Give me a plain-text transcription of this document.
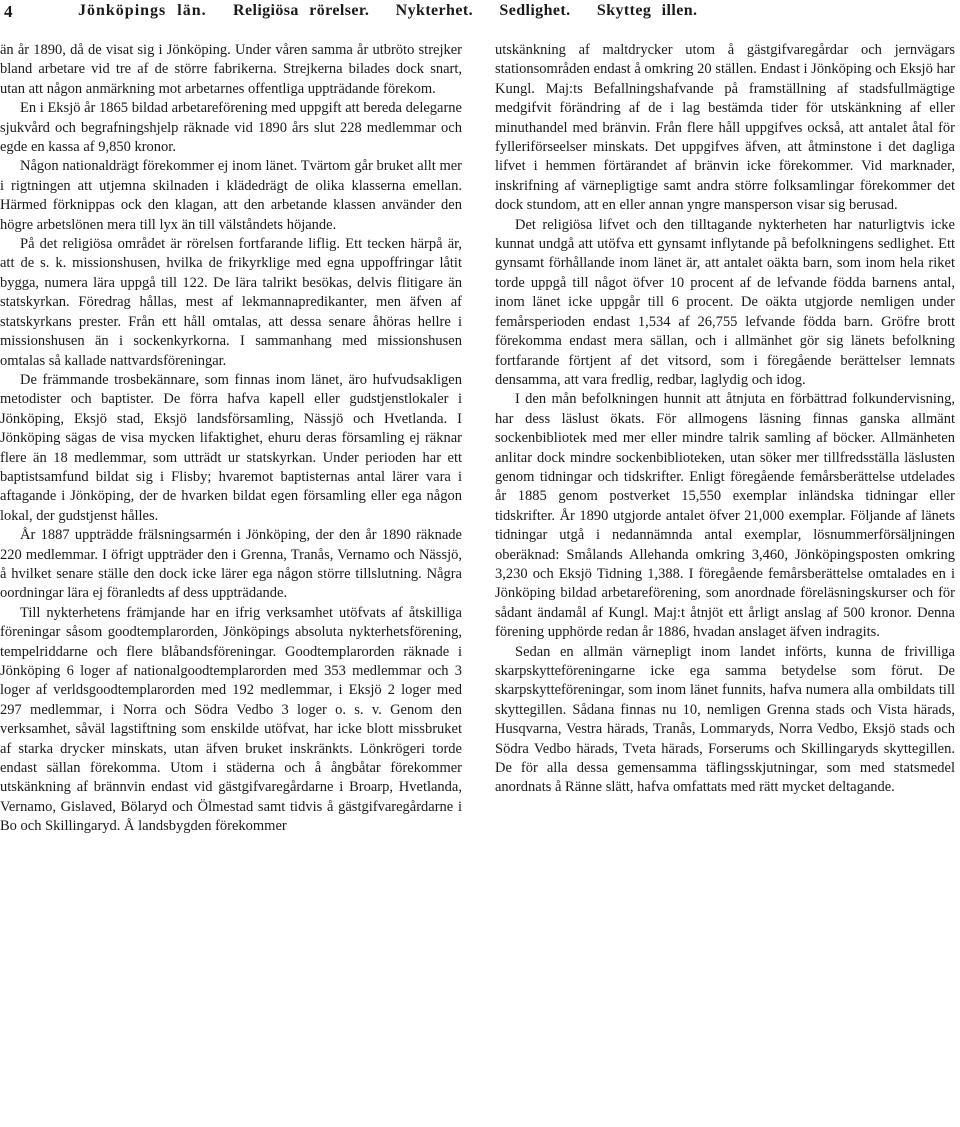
4	Jönköpings län. Religiösa rörelser. Nykterhet. Sedlighet. Skytteg illen.

än år 1890, då de visat sig i Jönköping. Under våren samma år utbröto strejker bland arbetare vid tre af de större fabrikerna. Strejkerna bilades dock snart, utan att någon anmärkning mot arbetarnes offentliga uppträdande förekom.

En i Eksjö år 1865 bildad arbetareförening med uppgift att bereda delegarne sjukvård och begrafningshjelp räknade vid 1890 års slut 228 medlemmar och egde en kassa af 9,850 kronor.

Någon nationaldrägt förekommer ej inom länet. Tvärtom går bruket allt mer i rigtningen att utjemna skilnaden i klädedrägt de olika klasserna emellan. Härmed förknippas ock den klagan, att den arbetande klassen använder den högre arbetslönen mera till lyx än till välståndets höjande.

På det religiösa området är rörelsen fortfarande liflig. Ett tecken härpå är, att de s. k. missionshusen, hvilka de frikyrklige med egna uppoffringar låtit bygga, numera lära uppgå till 122. De lära talrikt besökas, delvis flitigare än statskyrkan. Föredrag hållas, mest af lekmannapredikanter, men äfven af statskyrkans prester. Från ett håll omtalas, att dessa senare åhöras hellre i missionshusen än i sockenkyrkorna. I sammanhang med missionshusen omtalas så kallade nattvardsföreningar.

De främmande trosbekännare, som finnas inom länet, äro hufvudsakligen metodister och baptister. De förra hafva kapell eller gudstjenstlokaler i Jönköping, Eksjö stad, Eksjö landsförsamling, Nässjö och Hvetlanda. I Jönköping sägas de visa mycken lifaktighet, ehuru deras församling ej räknar flere än 18 medlemmar, som utträdt ur statskyrkan. Under perioden har ett baptistsamfund bildat sig i Flisby; hvaremot baptisternas antal lärer vara i aftagande i Jönköping, der de hvarken bildat egen församling eller ega någon lokal, der gudstjenst hålles.

År 1887 uppträdde frälsningsarmén i Jönköping, der den år 1890 räknade 220 medlemmar. I öfrigt uppträder den i Grenna, Tranås, Vernamo och Nässjö, å hvilket senare ställe den dock icke lärer ega någon större tillslutning. Några oordningar lära ej föranledts af dess uppträdande.

Till nykterhetens främjande har en ifrig verksamhet utöfvats af åtskilliga föreningar såsom goodtemplarorden, Jönköpings absoluta nykterhetsförening, tempelriddarne och flere blåbandsföreningar. Goodtemplarorden räknade i Jönköping 6 loger af nationalgoodtemplarorden med 353 medlemmar och 3 loger af verldsgoodtemplarorden med 192 medlemmar, i Eksjö 2 loger med 297 medlemmar, i Norra och Södra Vedbo 3 loger o. s. v. Genom den verksamhet, såväl lagstiftning som enskilde utöfvat, har icke blott missbruket af starka drycker minskats, utan äfven bruket inskränkts. Lönkrögeri torde endast sällan förekomma. Utom i städerna och å ångbåtar förekommer utskänkning af brännvin endast vid gästgifvaregårdarne i Broarp, Hvetlanda, Vernamo, Gislaved, Bölaryd och Ölmestad samt tidvis å gästgifvaregårdarne i Bo och Skillingaryd. Å landsbygden förekommer

utskänkning af maltdrycker utom å gästgifvaregårdar och jernvägars stationsområden endast å omkring 20 ställen. Endast i Jönköping och Eksjö har Kungl. Maj:ts Befallningshafvande på framställning af stadsfullmägtige medgifvit förändring af de i lag bestämda tider för utskänkning af eller minuthandel med bränvin. Från flere håll uppgifves också, att antalet åtal för fylleriförseelser minskats. Det uppgifves äfven, att åtminstone i det dagliga lifvet i hemmen förtärandet af bränvin icke förekommer. Vid marknader, inskrifning af värnepligtige samt andra större folksamlingar förekommer det dock stundom, att en eller annan yngre mansperson visar sig berusad.

Det religiösa lifvet och den tilltagande nykterheten har naturligtvis icke kunnat undgå att utöfva ett gynsamt inflytande på befolkningens sedlighet. Ett gynsamt förhållande inom länet är, att antalet oäkta barn, som inom hela riket torde uppgå till något öfver 10 procent af de lefvande födda barnens antal, inom länet icke uppgår till 6 procent. De oäkta utgjorde nemligen under femårsperioden endast 1,534 af 26,755 lefvande födda barn. Gröfre brott förekomma endast mera sällan, och i allmänhet gör sig länets befolkning fortfarande förtjent af det vitsord, som i föregående berättelser lemnats densamma, att vara fredlig, redbar, laglydig och idog.

I den mån befolkningen hunnit att åtnjuta en förbättrad folkundervisning, har dess läslust ökats. För allmogens läsning finnas ganska allmänt sockenbibliotek med mer eller mindre talrik samling af böcker. Allmänheten anlitar dock mindre sockenbiblioteken, utan söker mer tillfredsställa läslusten genom tidningar och tidskrifter. Enligt föregående femårsberättelse utdelades år 1885 genom postverket 15,550 exemplar inländska tidningar eller tidskrifter. År 1890 utgjorde antalet öfver 21,000 exemplar. Följande af länets tidningar utgå i nedannämnda antal exemplar, lösnummerförsäljningen oberäknad: Smålands Allehanda omkring 3,460, Jönköpingsposten omkring 3,230 och Eksjö Tidning 1,388. I föregående femårsberättelse omtalades en i Jönköping bildad arbetareförening, som anordnade föreläsningskurser och för sådant ändamål af Kungl. Maj:t åtnjöt ett årligt anslag af 500 kronor. Denna förening upphörde redan år 1886, hvadan anslaget äfven indragits.

Sedan en allmän värnepligt inom landet införts, kunna de frivilliga skarpskytteföreningarne icke ega samma betydelse som förut. De skarpskytteföreningar, som inom länet funnits, hafva numera alla ombildats till skyttegillen. Sådana finnas nu 10, nemligen Grenna stads och Vista härads, Husqvarna, Vestra härads, Tranås, Lommaryds, Norra Vedbo, Eksjö stads och Södra Vedbo härads, Tveta härads, Forserums och Skillingaryds skyttegillen. De för alla dessa gemensamma täflingsskjutningar, som med statsmedel anordnats å Ränne slätt, hafva omfattats med rätt mycket deltagande.
